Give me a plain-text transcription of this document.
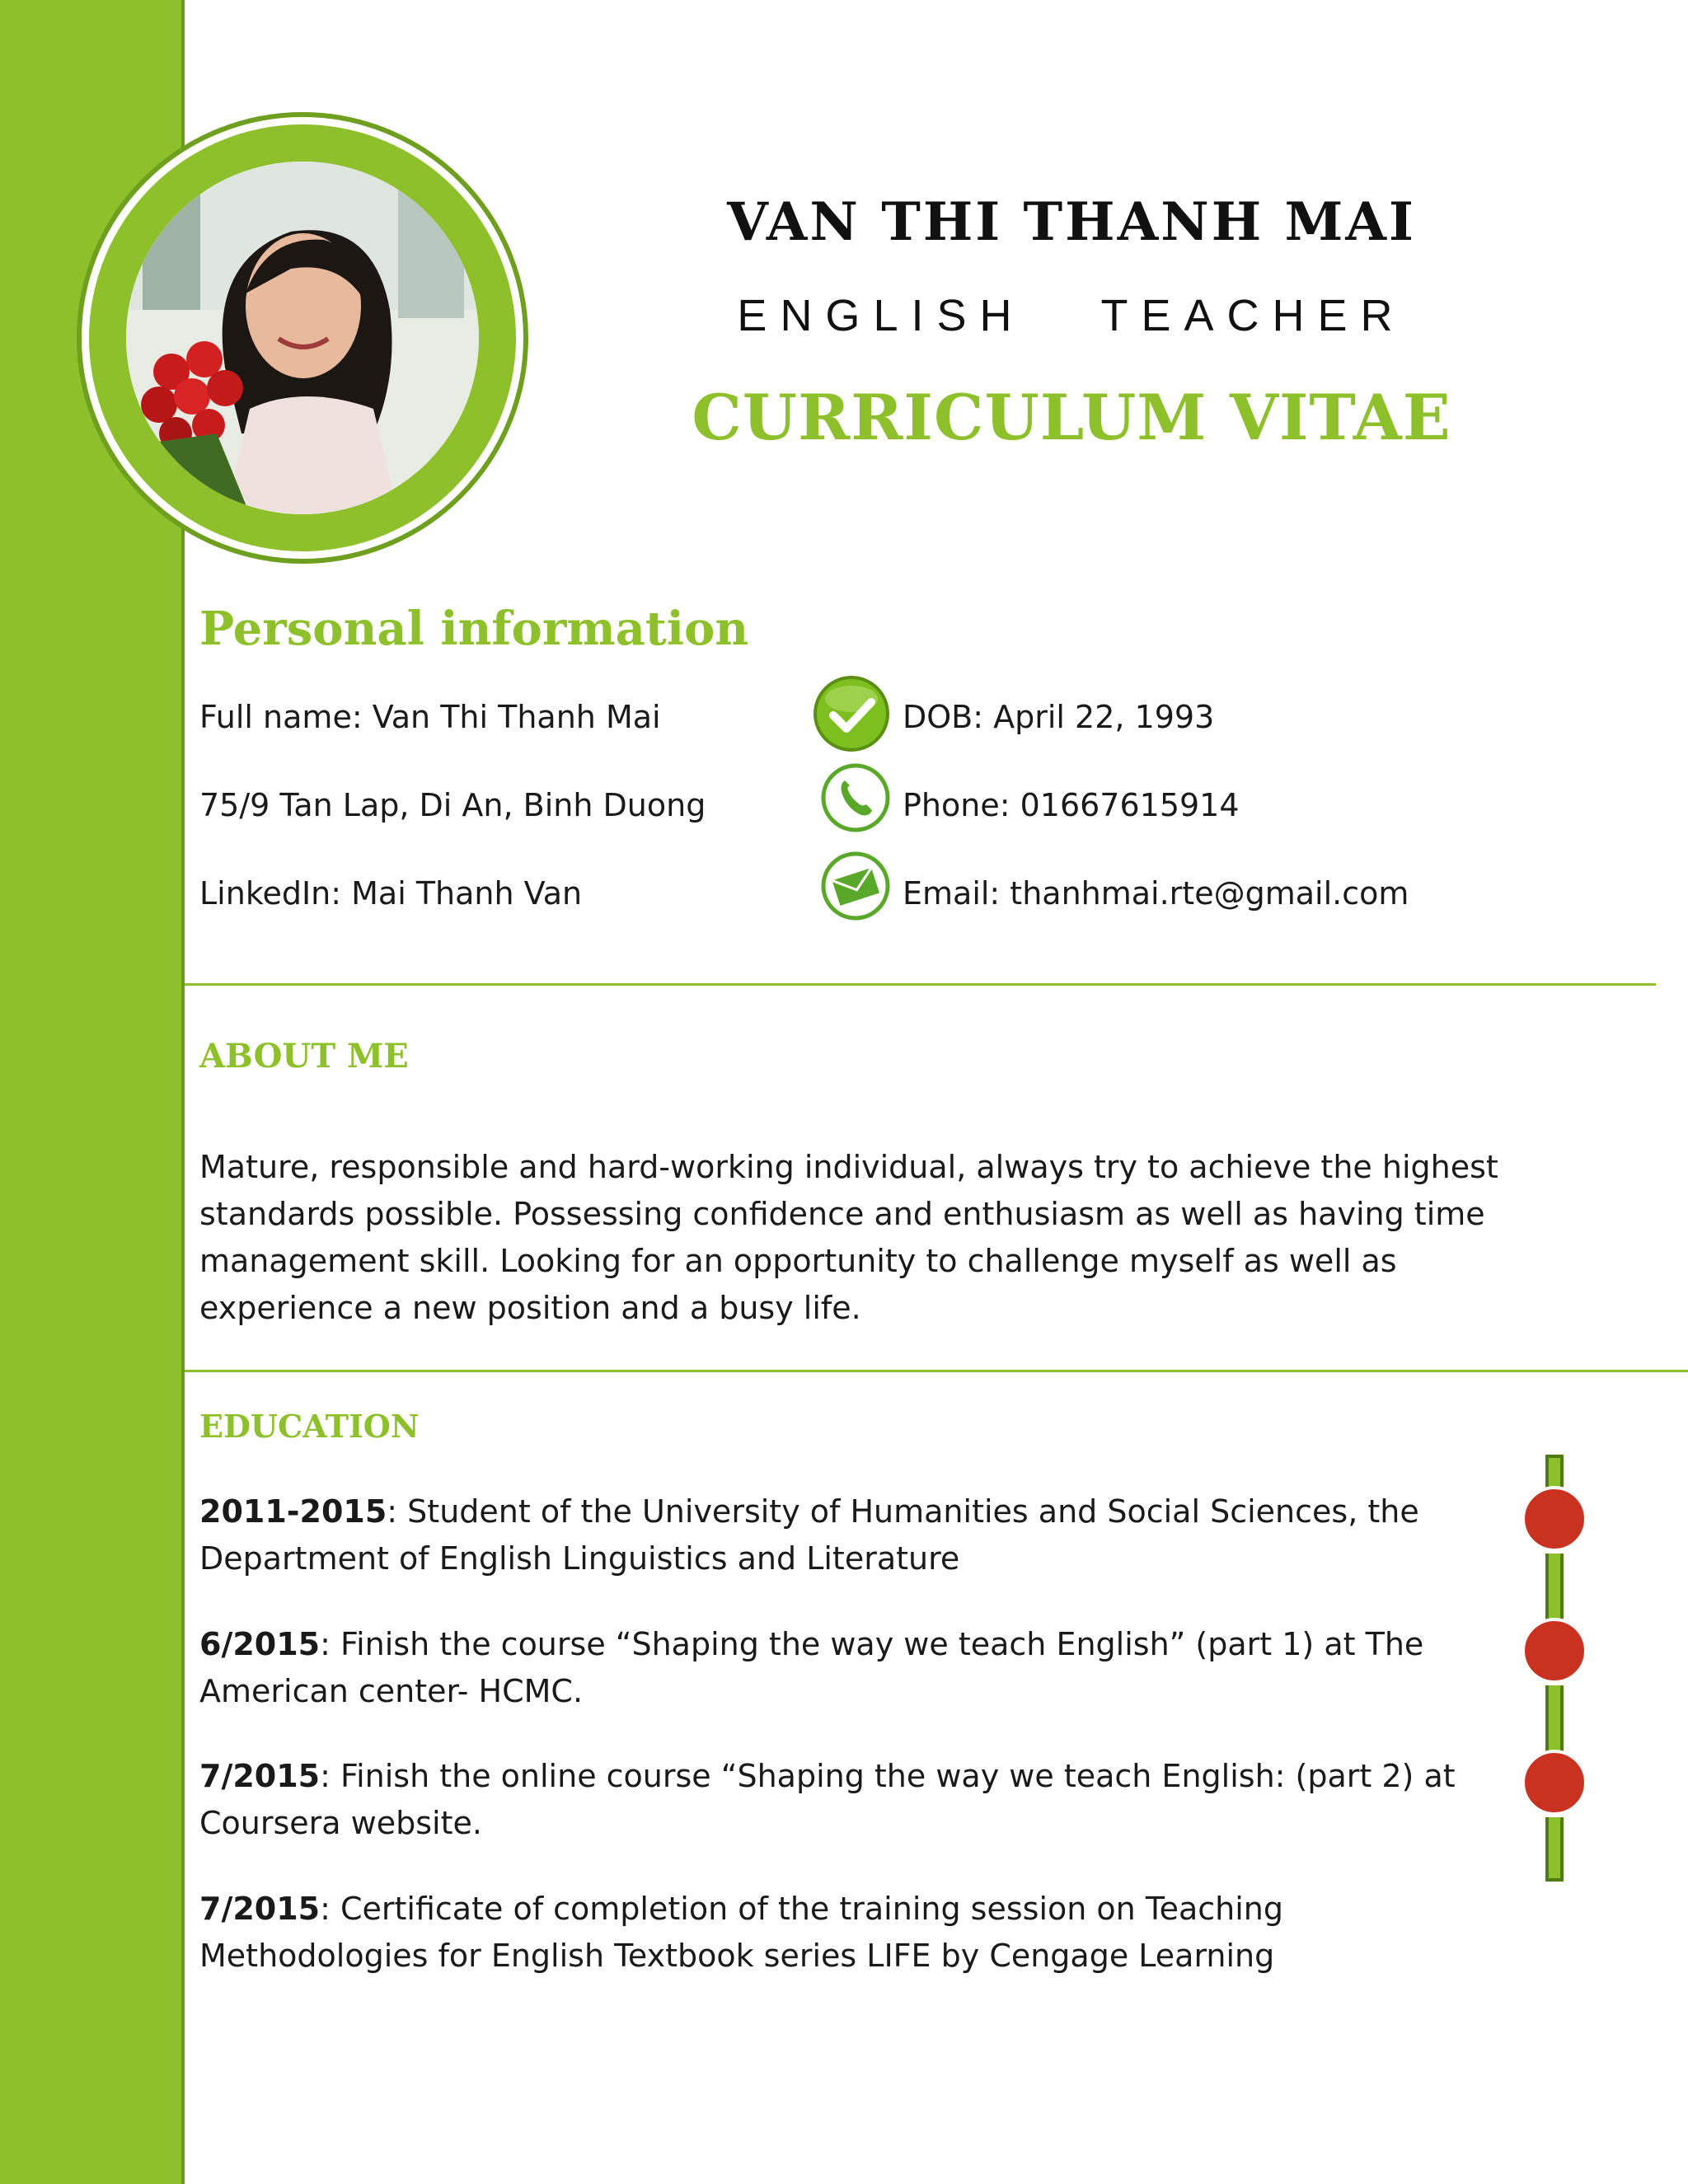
VAN THI THANH MAI
ENGLISH   TEACHER
CURRICULUM VITAE
Personal information
Full name: Van Thi Thanh Mai
75/9 Tan Lap, Di An, Binh Duong
LinkedIn: Mai Thanh Van
DOB: April 22, 1993
Phone: 01667615914
Email: thanhmai.rte@gmail.com
ABOUT ME
Mature, responsible and hard-working individual, always try to achieve the highest standards possible. Possessing confidence and enthusiasm as well as having time management skill. Looking for an opportunity to challenge myself as well as experience a new position and a busy life.
EDUCATION
2011-2015: Student of the University of Humanities and Social Sciences, the Department of English Linguistics and Literature
6/2015: Finish the course “Shaping the way we teach English” (part 1) at The American center- HCMC.
7/2015: Finish the online course “Shaping the way we teach English: (part 2) at Coursera website.
7/2015: Certificate of completion of the training session on Teaching Methodologies for English Textbook series LIFE by Cengage Learning
